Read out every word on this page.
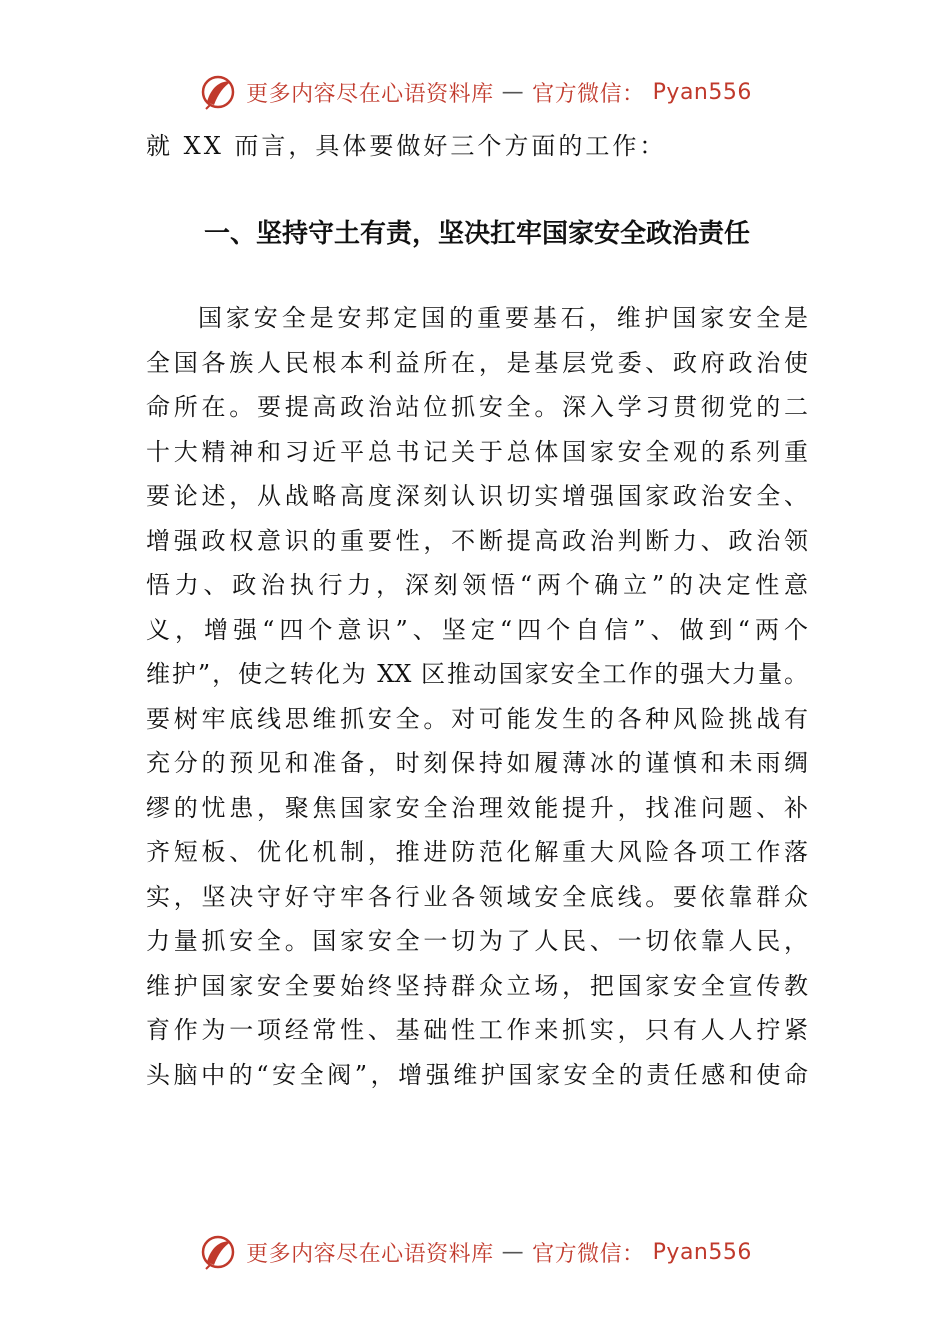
更多内容尽在心语资料库 — 官方微信： Pyan556

就 XX 而言，具体要做好三个方面的工作：

一、坚持守土有责，坚决扛牢国家安全政治责任
国家安全是安邦定国的重要基石，维护国家安全是
全国各族人民根本利益所在，是基层党委、政府政治使
命所在。要提高政治站位抓安全。深入学习贯彻党的二
十大精神和习近平总书记关于总体国家安全观的系列重
要论述，从战略高度深刻认识切实增强国家政治安全、
增强政权意识的重要性，不断提高政治判断力、政治领
悟力、政治执行力，深刻领悟“两个确立”的决定性意
义，增强“四个意识”、坚定“四个自信”、做到“两个
维护”，使之转化为 XX 区推动国家安全工作的强大力量。
要树牢底线思维抓安全。对可能发生的各种风险挑战有
充分的预见和准备，时刻保持如履薄冰的谨慎和未雨绸
缪的忧患，聚焦国家安全治理效能提升，找准问题、补
齐短板、优化机制，推进防范化解重大风险各项工作落
实，坚决守好守牢各行业各领域安全底线。要依靠群众
力量抓安全。国家安全一切为了人民、一切依靠人民，
维护国家安全要始终坚持群众立场，把国家安全宣传教
育作为一项经常性、基础性工作来抓实，只有人人拧紧
头脑中的“安全阀”，增强维护国家安全的责任感和使命
更多内容尽在心语资料库 — 官方微信： Pyan556
